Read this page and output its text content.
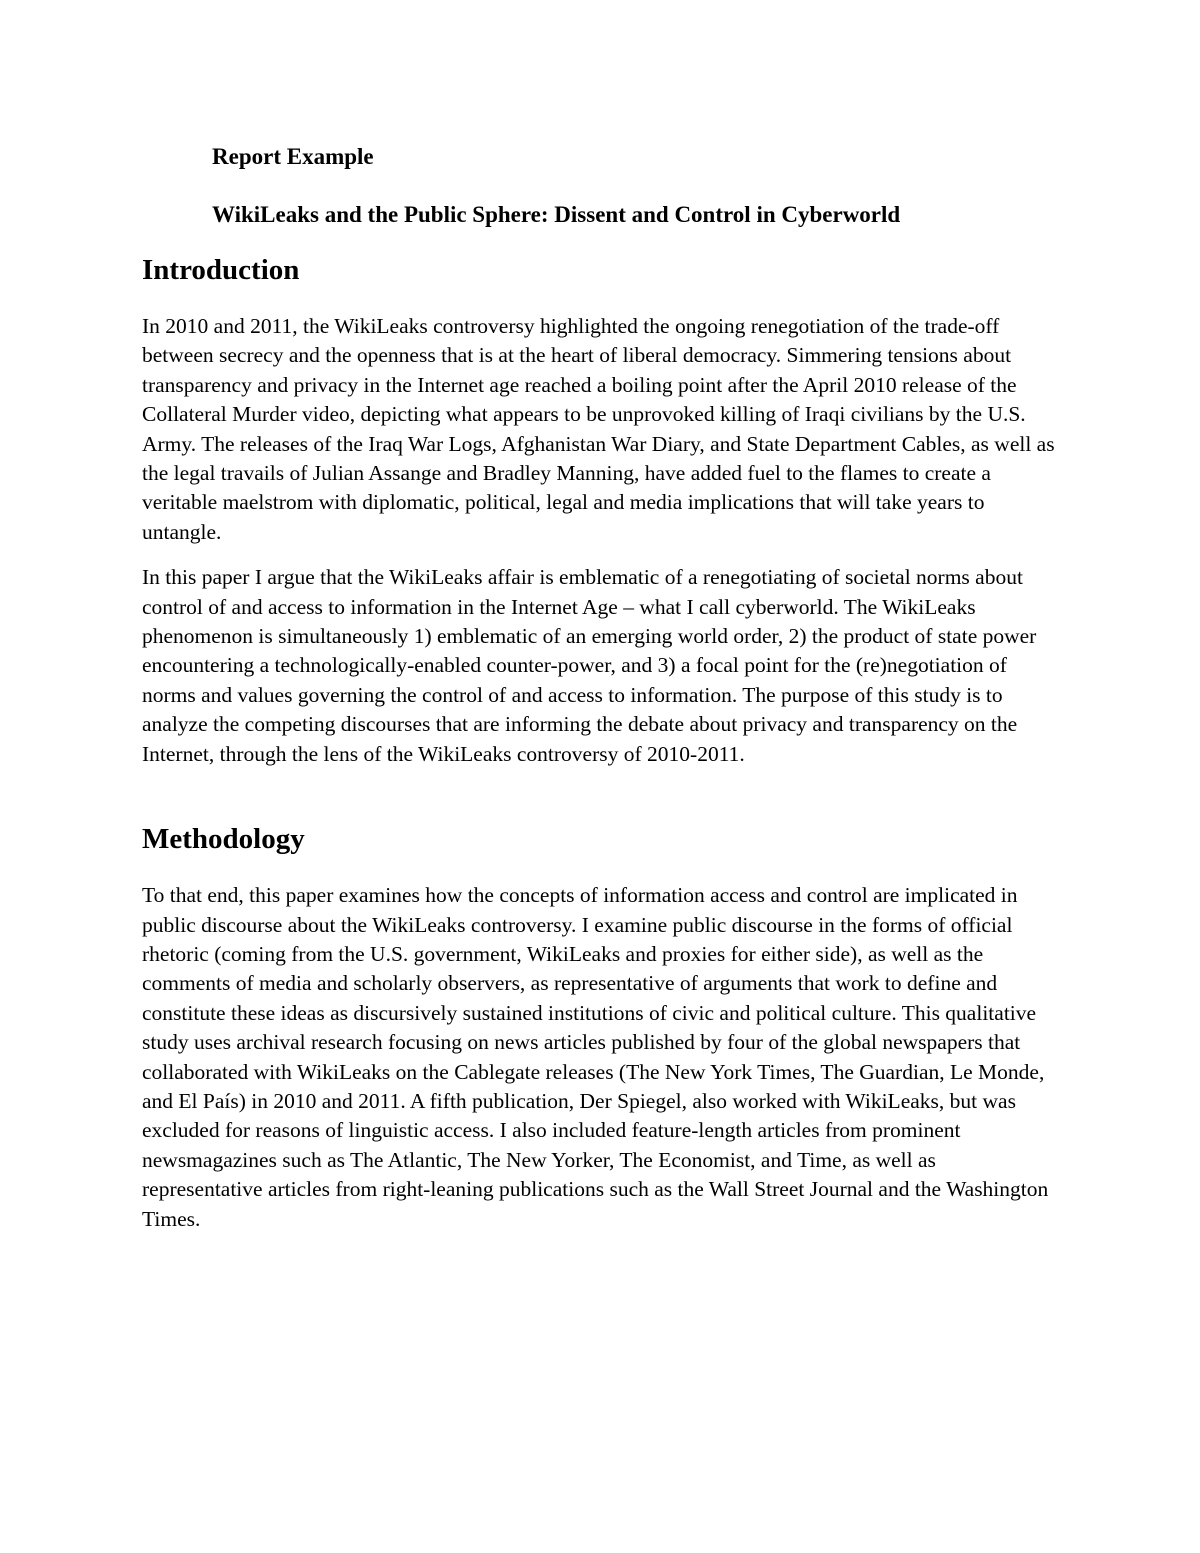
Report Example

WikiLeaks and the Public Sphere: Dissent and Control in Cyberworld

Introduction

In 2010 and 2011, the WikiLeaks controversy highlighted the ongoing renegotiation of the trade-off between secrecy and the openness that is at the heart of liberal democracy. Simmering tensions about transparency and privacy in the Internet age reached a boiling point after the April 2010 release of the Collateral Murder video, depicting what appears to be unprovoked killing of Iraqi civilians by the U.S. Army. The releases of the Iraq War Logs, Afghanistan War Diary, and State Department Cables, as well as the legal travails of Julian Assange and Bradley Manning, have added fuel to the flames to create a veritable maelstrom with diplomatic, political, legal and media implications that will take years to untangle.

In this paper I argue that the WikiLeaks affair is emblematic of a renegotiating of societal norms about control of and access to information in the Internet Age – what I call cyberworld. The WikiLeaks phenomenon is simultaneously 1) emblematic of an emerging world order, 2) the product of state power encountering a technologically-enabled counter-power, and 3) a focal point for the (re)negotiation of norms and values governing the control of and access to information. The purpose of this study is to analyze the competing discourses that are informing the debate about privacy and transparency on the Internet, through the lens of the WikiLeaks controversy of 2010-2011.

Methodology

To that end, this paper examines how the concepts of information access and control are implicated in public discourse about the WikiLeaks controversy. I examine public discourse in the forms of official rhetoric (coming from the U.S. government, WikiLeaks and proxies for either side), as well as the comments of media and scholarly observers, as representative of arguments that work to define and constitute these ideas as discursively sustained institutions of civic and political culture. This qualitative study uses archival research focusing on news articles published by four of the global newspapers that collaborated with WikiLeaks on the Cablegate releases (The New York Times, The Guardian, Le Monde, and El País) in 2010 and 2011. A fifth publication, Der Spiegel, also worked with WikiLeaks, but was excluded for reasons of linguistic access. I also included feature-length articles from prominent newsmagazines such as The Atlantic, The New Yorker, The Economist, and Time, as well as representative articles from right-leaning publications such as the Wall Street Journal and the Washington Times.
